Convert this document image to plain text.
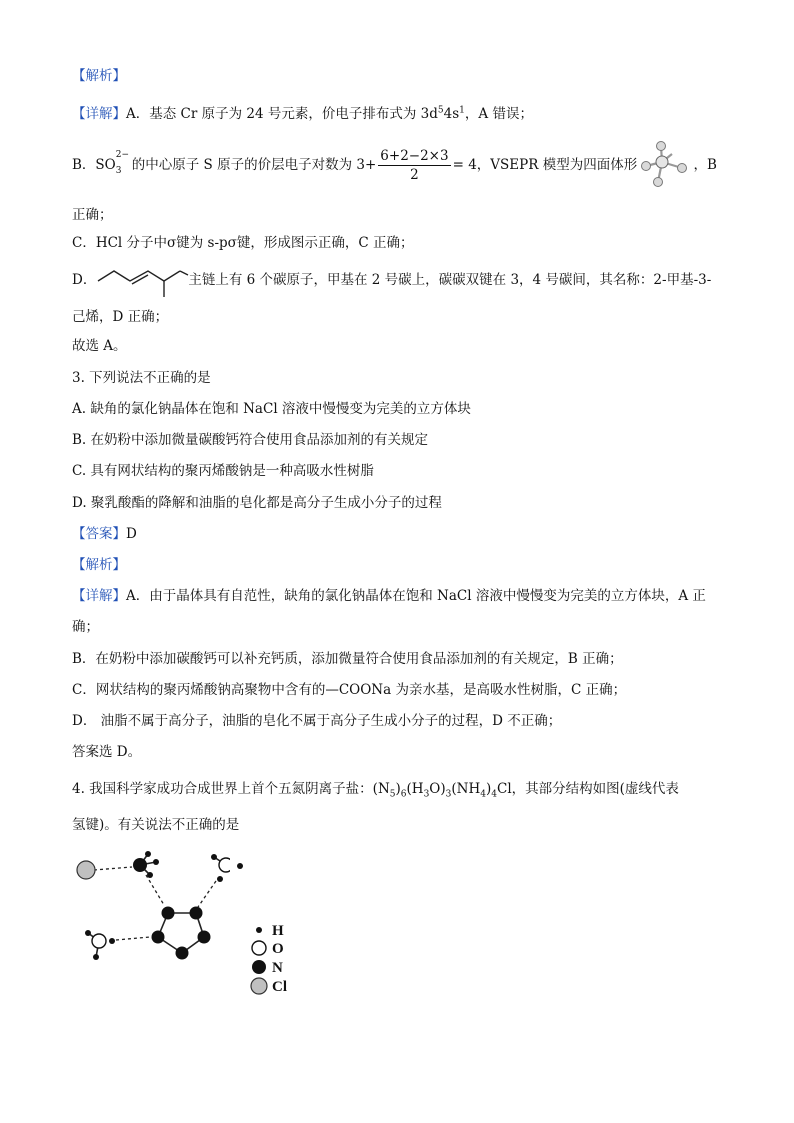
【解析】
【详解】A．基态 Cr 原子为 24 号元素，价电子排布式为 $3d^54s^1$，A 错误；
B．SO
2−
3 的中心原子 S 原子的价层电子对数为 $3+ \frac{6+2-2\times 3}{2} = 4$，VSEPR 模型为四面体形	，B
正确；
C．HCl 分子中σ键为 s-pσ键，形成图示正确，C 正确；
D．	主链上有 6 个碳原子，甲基在 2 号碳上，碳碳双键在 3，4 号碳间，其名称：2-甲基-3-
己烯，D 正确；
故选 A。
3. 下列说法不正确的是
A. 缺角的氯化钠晶体在饱和 NaCl 溶液中慢慢变为完美的立方体块
B. 在奶粉中添加微量碳酸钙符合使用食品添加剂的有关规定
C. 具有网状结构的聚丙烯酸钠是一种高吸水性树脂
D. 聚乳酸酯的降解和油脂的皂化都是高分子生成小分子的过程
【答案】D
【解析】
【详解】A．由于晶体具有自范性，缺角的氯化钠晶体在饱和 NaCl 溶液中慢慢变为完美的立方体块，A 正
确；
B．在奶粉中添加碳酸钙可以补充钙质，添加微量符合使用食品添加剂的有关规定，B 正确；
C．网状结构的聚丙烯酸钠高聚物中含有的—COONa 为亲水基，是高吸水性树脂，C 正确；
D． 油脂不属于高分子，油脂的皂化不属于高分子生成小分子的过程，D 不正确；
答案选 D。
4. 我国科学家成功合成世界上首个五氮阴离子盐：$(N_5)_6(H_3O)_3(NH_4)_4Cl$，其部分结构如图(虚线代表
氢键)。有关说法不正确的是
H
O
N
Cl
